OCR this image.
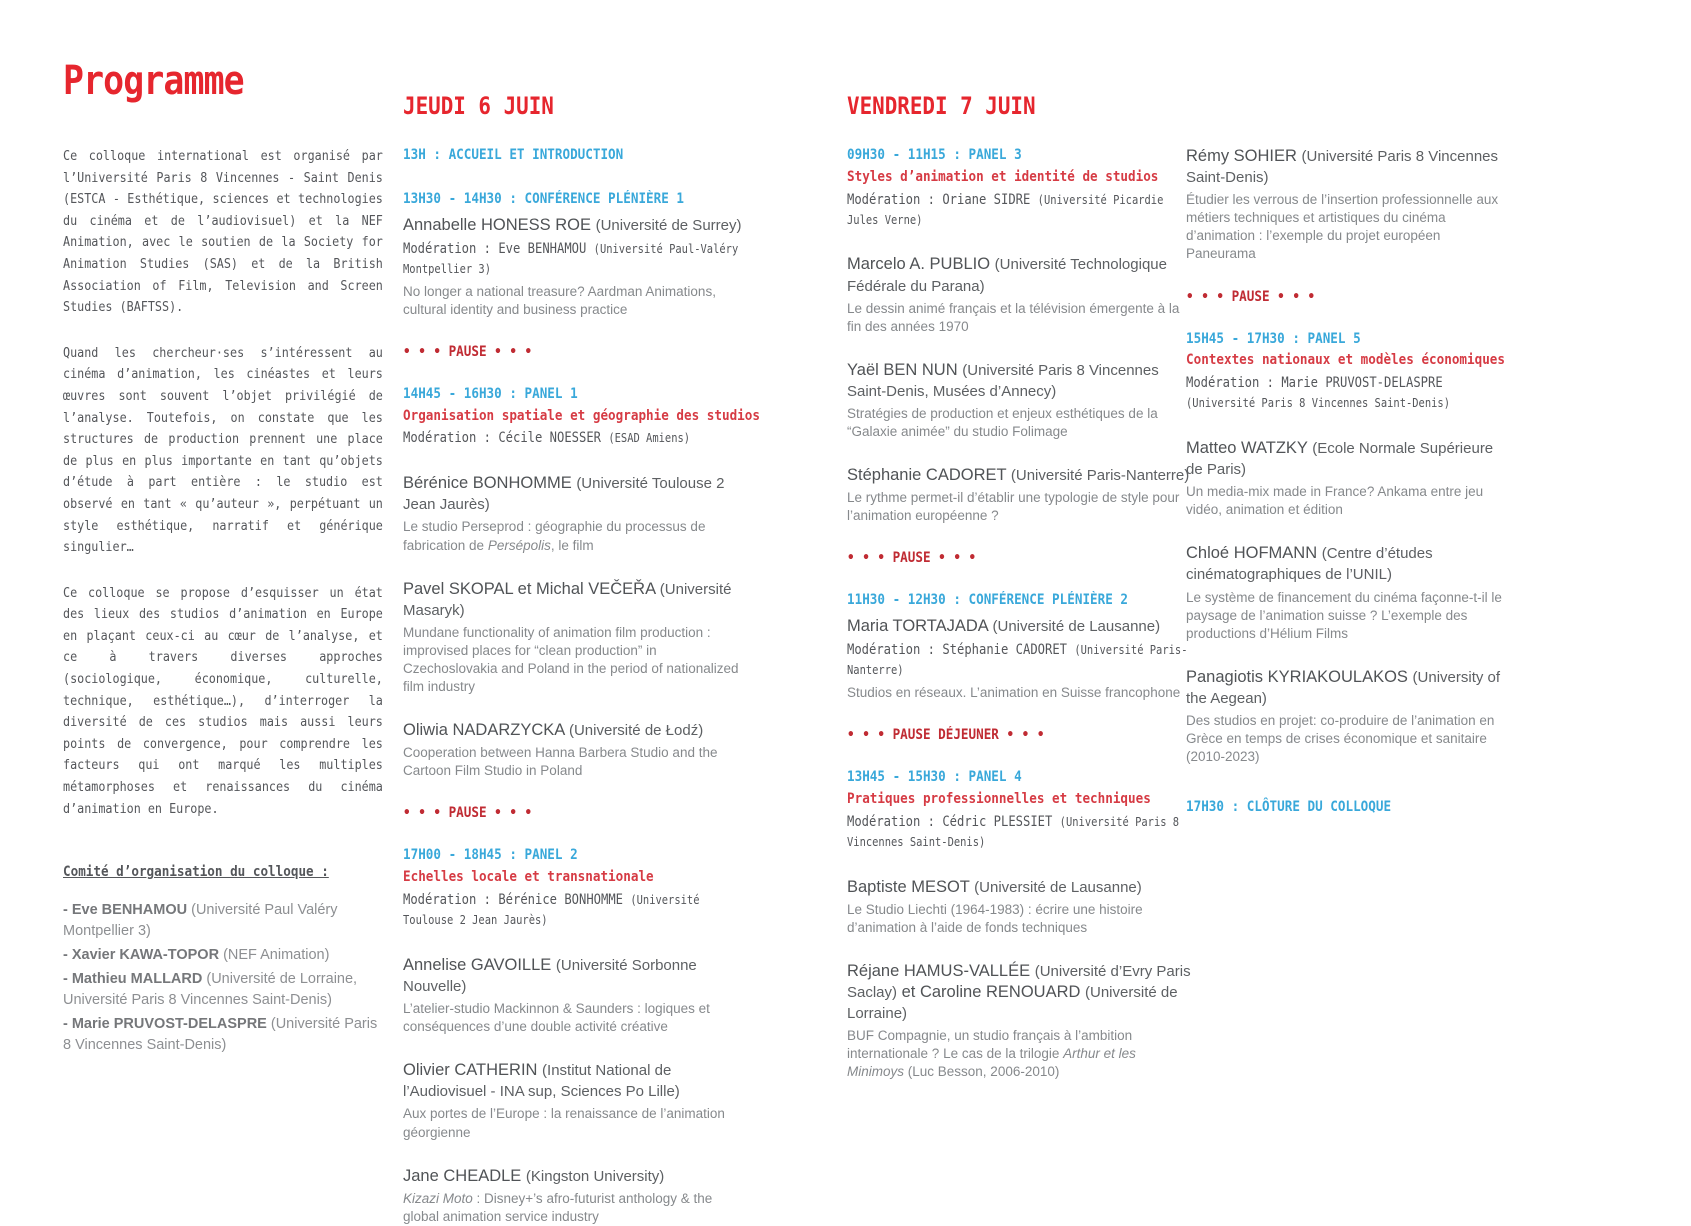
Programme

Ce colloque international est organisé par l’Université Paris 8 Vincennes - Saint Denis (ESTCA - Esthétique, sciences et technologies du cinéma et de l’audiovisuel) et la NEF Animation, avec le soutien de la Society for Animation Studies (SAS) et de la British Association of Film, Television and Screen Studies (BAFTSS).

Quand les chercheur·ses s’intéressent au cinéma d’animation, les cinéastes et leurs œuvres sont souvent l’objet privilégié de l’analyse. Toutefois, on constate que les structures de production prennent une place de plus en plus importante en tant qu’objets d’étude à part entière : le studio est observé en tant « qu’auteur », perpétuant un style esthétique, narratif et générique singulier…

Ce colloque se propose d’esquisser un état des lieux des studios d’animation en Europe en plaçant ceux-ci au cœur de l’analyse, et ce à travers diverses approches (sociologique, économique, culturelle, technique, esthétique…), d’interroger la diversité de ces studios mais aussi leurs points de convergence, pour comprendre les facteurs qui ont marqué les multiples métamorphoses et renaissances du cinéma d’animation en Europe.

Comité d’organisation du colloque :

- Eve BENHAMOU (Université Paul Valéry Montpellier 3)

- Xavier KAWA-TOPOR (NEF Animation)

- Mathieu MALLARD (Université de Lorraine, Université Paris 8 Vincennes Saint-Denis)

- Marie PRUVOST-DELASPRE (Université Paris 8 Vincennes Saint-Denis)

JEUDI 6 JUIN

13H : ACCUEIL ET INTRODUCTION

13H30 - 14H30 : CONFÉRENCE PLÉNIÈRE 1

Annabelle HONESS ROE (Université de Surrey)

Modération : Eve BENHAMOU (Université Paul-Valéry Montpellier 3)

No longer a national treasure? Aardman Animations, cultural identity and business practice

• • • PAUSE • • •

14H45 - 16H30 : PANEL 1

Organisation spatiale et géographie des studios

Modération : Cécile NOESSER (ESAD Amiens)

Bérénice BONHOMME (Université Toulouse 2 Jean Jaurès)

Le studio Perseprod : géographie du processus de fabrication de Persépolis, le film

Pavel SKOPAL et Michal VEČEŘA (Université Masaryk)

Mundane functionality of animation film production : improvised places for “clean production” in Czechoslovakia and Poland in the period of nationalized film industry

Oliwia NADARZYCKA (Université de Łodź)

Cooperation between Hanna Barbera Studio and the Cartoon Film Studio in Poland

• • • PAUSE • • •

17H00 - 18H45 : PANEL 2

Echelles locale et transnationale

Modération : Bérénice BONHOMME (Université Toulouse 2 Jean Jaurès)

Annelise GAVOILLE (Université Sorbonne Nouvelle)

L’atelier-studio Mackinnon & Saunders : logiques et conséquences d’une double activité créative

Olivier CATHERIN (Institut National de l’Audiovisuel - INA sup, Sciences Po Lille)

Aux portes de l’Europe : la renaissance de l’animation géorgienne

Jane CHEADLE (Kingston University)

Kizazi Moto : Disney+’s afro-futurist anthology & the global animation service industry

VENDREDI 7 JUIN

09H30 - 11H15 : PANEL 3

Styles d’animation et identité de studios

Modération : Oriane SIDRE (Université Picardie Jules Verne)

Marcelo A. PUBLIO (Université Technologique Fédérale du Parana)

Le dessin animé français et la télévision émergente à la fin des années 1970

Yaël BEN NUN (Université Paris 8 Vincennes Saint-Denis, Musées d’Annecy)

Stratégies de production et enjeux esthétiques de la “Galaxie animée” du studio Folimage

Stéphanie CADORET (Université Paris-Nanterre)

Le rythme permet-il d’établir une typologie de style pour l’animation européenne ?

• • • PAUSE • • •

11H30 - 12H30 : CONFÉRENCE PLÉNIÈRE 2

Maria TORTAJADA (Université de Lausanne)

Modération : Stéphanie CADORET (Université Paris-Nanterre)

Studios en réseaux. L’animation en Suisse francophone

• • • PAUSE DÉJEUNER • • •

13H45 - 15H30 : PANEL 4

Pratiques professionnelles et techniques

Modération : Cédric PLESSIET (Université Paris 8 Vincennes Saint-Denis)

Baptiste MESOT (Université de Lausanne)

Le Studio Liechti (1964-1983) : écrire une histoire d’animation à l’aide de fonds techniques

Réjane HAMUS-VALLÉE (Université d’Evry Paris Saclay) et Caroline RENOUARD (Université de Lorraine)

BUF Compagnie, un studio français à l’ambition internationale ? Le cas de la trilogie Arthur et les Minimoys (Luc Besson, 2006-2010)

Rémy SOHIER (Université Paris 8 Vincennes Saint-Denis)

Étudier les verrous de l’insertion professionnelle aux métiers techniques et artistiques du cinéma d’animation : l’exemple du projet européen Paneurama

• • • PAUSE • • •

15H45 - 17H30 : PANEL 5

Contextes nationaux et modèles économiques

Modération : Marie PRUVOST-DELASPRE (Université Paris 8 Vincennes Saint-Denis)

Matteo WATZKY (Ecole Normale Supérieure de Paris)

Un media-mix made in France? Ankama entre jeu vidéo, animation et édition

Chloé HOFMANN (Centre d’études cinématographiques de l’UNIL)

Le système de financement du cinéma façonne-t-il le paysage de l’animation suisse ? L’exemple des productions d’Hélium Films

Panagiotis KYRIAKOULAKOS (University of the Aegean)

Des studios en projet: co-produire de l’animation en Grèce en temps de crises économique et sanitaire (2010-2023)

17H30 : CLÔTURE DU COLLOQUE
